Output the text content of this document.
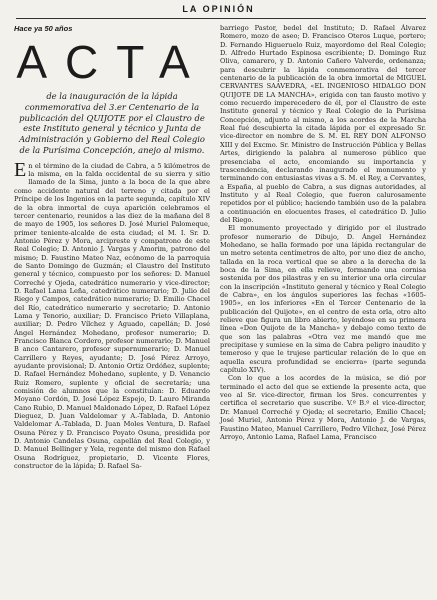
LA OPINIÓN
Hace ya 50 años
ACTA
de la inauguración de la lápida conmemorativa del 3.er Centenario de la publicación del QUIJOTE por el Claustro de este Instituto general y técnico y Junta de Administración y Gobierno del Real Colegio de la Purísima Concepción, anejo al mismo.

En el término de la ciudad de Cabra, a 5 kilómetros de la misma, en la falda occidental de su sierra y sitio llamado de la Sima, junto a la boca de la que abre como accidente natural del terreno y citada por el Príncipe de los Ingenios en la parte segunda, capítulo XIV de la obra inmortal de cuya aparición celebramos el tercer centenario, reunidos a las diez de la mañana del 8 de mayo de 1905, los señores D. José Muriel Palomeque, primer teniente-alcalde de esta ciudad; el M. I. Sr. D. Antonio Pérez y Mora, arcipreste y compatrono de este Real Colegio; D. Antonio J. Vargas y Amorim, patrono del mismo; D. Faustino Mateo Naz, ecónomo de la parroquia de Santo Domingo de Guzmán; el Claustro del Instituto general y técnico, compuesto por los señores: D. Manuel Correché y Ojeda, catedrático numerario y vice-director; D. Rafael Lama Leña, catedrático numerario; D. Julio del Riego y Campos, catedrático numerario; D. Emilio Chacel del Río, catedrático numerario y secretario; D. Antonio Lama y Tenorio, auxiliar; D. Francisco Prieto Villaplana, auxiliar; D. Pedro Vílchez y Aguado, capellán; D. José Ángel Hernández Mohedano, profesor numerario; D. Francisco Blanca Cordero, profesor numerario; D. Manuel B anco Cantarero, profesor supernumerario; D. Manuel Carrillero y Reyes, ayudante; D. José Pérez Arroyo, ayudante provisional; D. Antonio Ortiz Ordóñez, suplente; D. Rafael Hernández Mohedano, suplente, y D. Venancio Ruiz Romero, suplente y oficial de secretaría; una comisión de alumnos que la constituían: D. Eduardo Moyano Cordón, D. José López Espejo, D. Lauro Miranda Cano Rubio, D. Manuel Maldonado López, D. Rafael López Dieguez, D. Juan Valdelomar y A.-Tablada, D. Antonio Valdelomar A.-Tablada, D. Juan Moles Ventura, D. Rafael Osuna Pérez y D. Francisco Poyato Osuna, presidida por D. Antonio Candelas Osuna, capellán del Real Colegio, y D. Manuel Bellinger y Yela, regente del mismo don Rafael Osuna Rodríguez, propietario, D. Vicente Flores, constructor de la lápida; D. Rafael Sa-

barriego Pastor, bedel del Instituto; D. Rafael Álvarez Romero, mozo de aseo; D. Francisco Oteros Luque, portero; D. Fernando Higueruelo Ruiz, mayordomo del Real Colegio; D. Alfredo Hurtado Espinosa escribiente; D. Domingo Ruz Oliva, camarero, y D. Antonio Cañero Valverde, ordenanza; para descubrir la lápida conmemorativa del tercer centenario de la publicación de la obra inmortal de MIGUEL CERVANTES SAAVEDRA, «EL INGENIOSO HIDALGO DON QUIJOTE DE LA MANCHA», erigida con tan fausto motivo y como recuerdo imperecedero de él, por el Claustro de este Instituto general y técnico y Real Colegio de la Purísima Concepción, adjunto al mismo, a los acordes de la Marcha Real fué descubierta la citada lápida por el expresado Sr. vice-director en nombre de S. M. EL REY DON ALFONSO XIII y del Excmo. Sr. Ministro de Instrucción Pública y Bellas Artes, dirigiendo la palabra al numeroso público que presenciaba el acto, encomiando su importancia y trascendencia, declarando inaugurado el monumento y terminando con entusiastas vivas a S. M. el Rey, a Cervantes, a España, al pueblo de Cabra, a sus dignas autoridades, al Instituto y al Real Colegio, que fueron calurosamente repetidos por el público; haciendo también uso de la palabra a continuación en elocuentes frases, el catedrático D. Julio del Riego.

El monumento proyectado y dirigido por el ilustrado profesor numerario de Dibujo, D. Ángel Hernández Mohedano, se halla formado por una lápida rectangular de un metro setenta centímetros de alto, por uno diez de ancho, tallada en la roca vertical que se abre a la derecha de la boca de la Sima, en ella relieve, formando una cornisa sostenida por dos pilastras y en su interior una orla circular con la inscripción «Instituto general y técnico y Real Colegio de Cabra», en los ángulos superiores las fechas «1605-1905», en los inferiores «En el Tercer Centenario de la publicación del Quijote», en el centro de esta orla, otro alto relieve que figura un libro abierto, leyéndose en su primera línea «Don Quijote de la Mancha» y debajo como texto de que son las palabras «Otra vez me mandó que me precipitase y sumiese en la sima de Cabra peligro inaudito y temeroso y que le trujese particular relación de lo que en aquella escura profundidad se encierra» (parte segunda capítulo XIV).

Con lo que a los acordes de la música, se dió por terminado el acto del que se extiende la presente acta, que veo al Sr. vice-director, firman los Sres. concurrentes y certifica el secretario que suscribe. V.º B.º el vice-director, Dr. Manuel Correché y Ojeda; el secretario, Emilio Chacel; José Muriel, Antonio Pérez y Mora, Antonio J. de Vargas, Faustino Mateo, Manuel Carrillero, Pedro Vílchez, José Pérez Arroyo, Antonio Lama, Rafael Lama, Francisco
